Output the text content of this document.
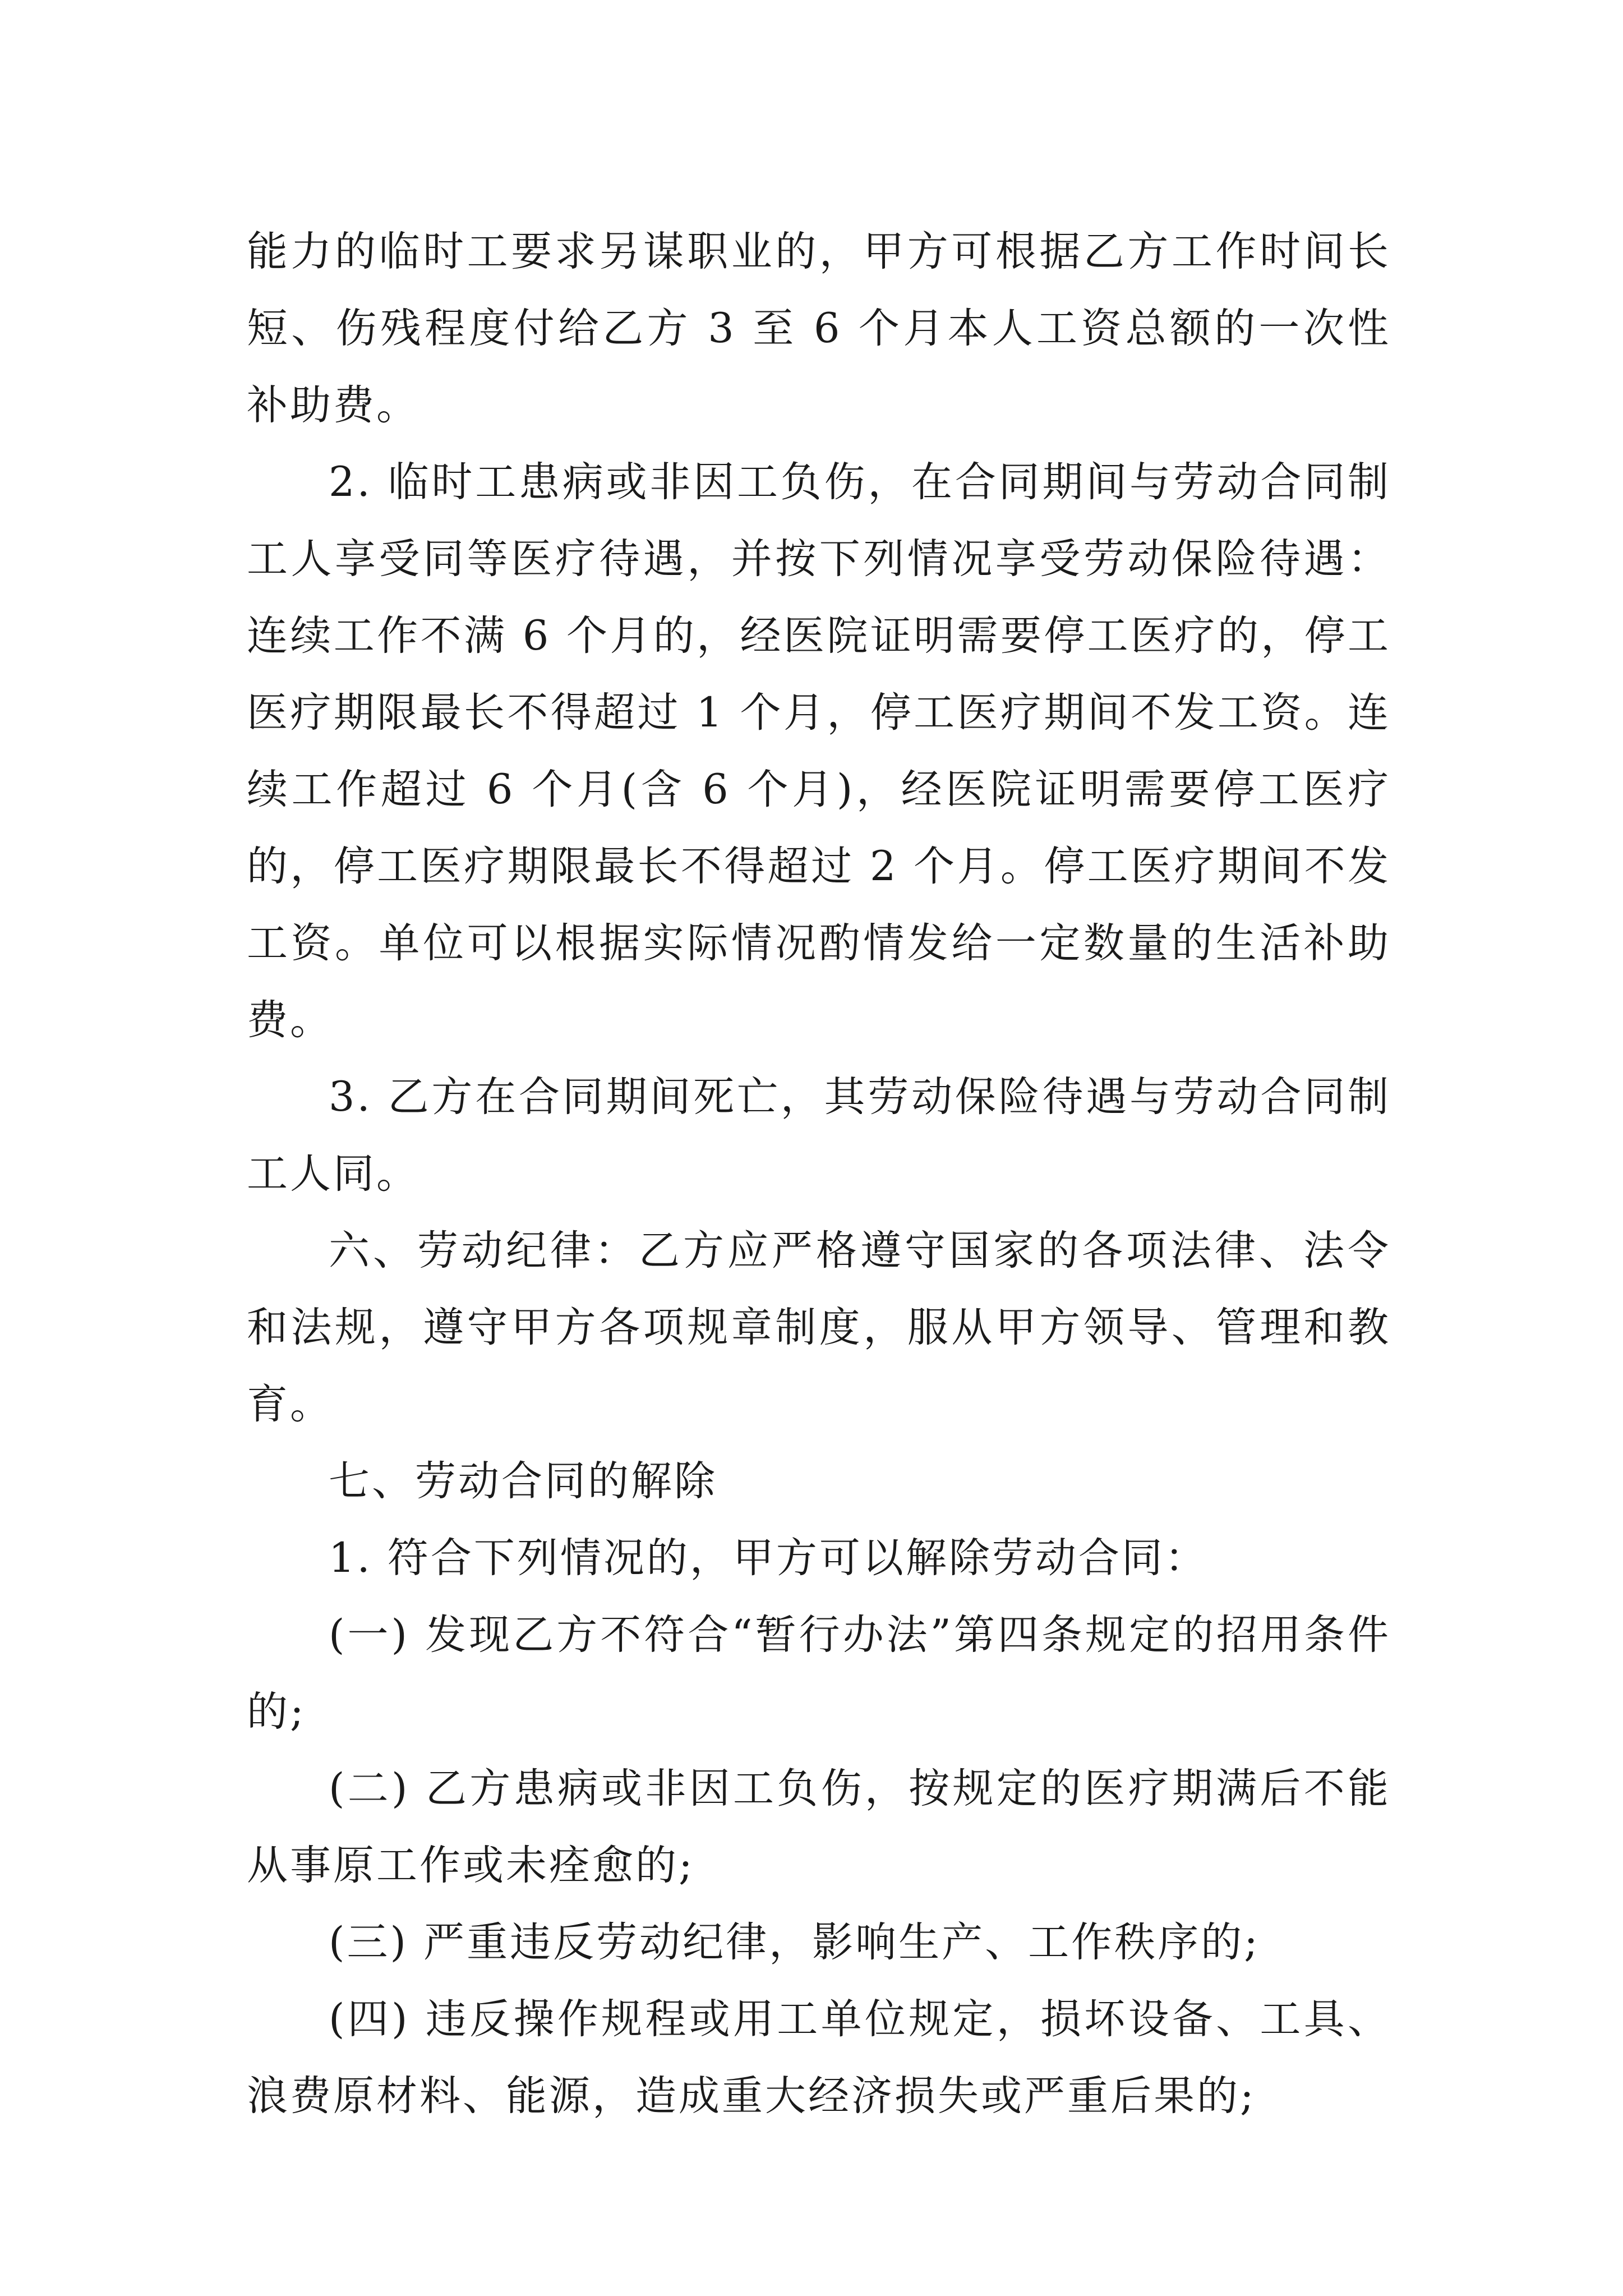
能力的临时工要求另谋职业的，甲方可根据乙方工作时间长短、伤残程度付给乙方 3 至 6 个月本人工资总额的一次性补助费。

2. 临时工患病或非因工负伤，在合同期间与劳动合同制工人享受同等医疗待遇，并按下列情况享受劳动保险待遇：连续工作不满 6 个月的，经医院证明需要停工医疗的，停工医疗期限最长不得超过 1 个月，停工医疗期间不发工资。连续工作超过 6 个月(含 6 个月)，经医院证明需要停工医疗的，停工医疗期限最长不得超过 2 个月。停工医疗期间不发工资。单位可以根据实际情况酌情发给一定数量的生活补助费。

3. 乙方在合同期间死亡，其劳动保险待遇与劳动合同制工人同。

六、劳动纪律：乙方应严格遵守国家的各项法律、法令和法规，遵守甲方各项规章制度，服从甲方领导、管理和教育。

七、劳动合同的解除

1. 符合下列情况的，甲方可以解除劳动合同：

(一) 发现乙方不符合“暂行办法”第四条规定的招用条件的;

(二) 乙方患病或非因工负伤，按规定的医疗期满后不能从事原工作或未痊愈的;

(三) 严重违反劳动纪律，影响生产、工作秩序的;

(四) 违反操作规程或用工单位规定，损坏设备、工具、浪费原材料、能源，造成重大经济损失或严重后果的;
